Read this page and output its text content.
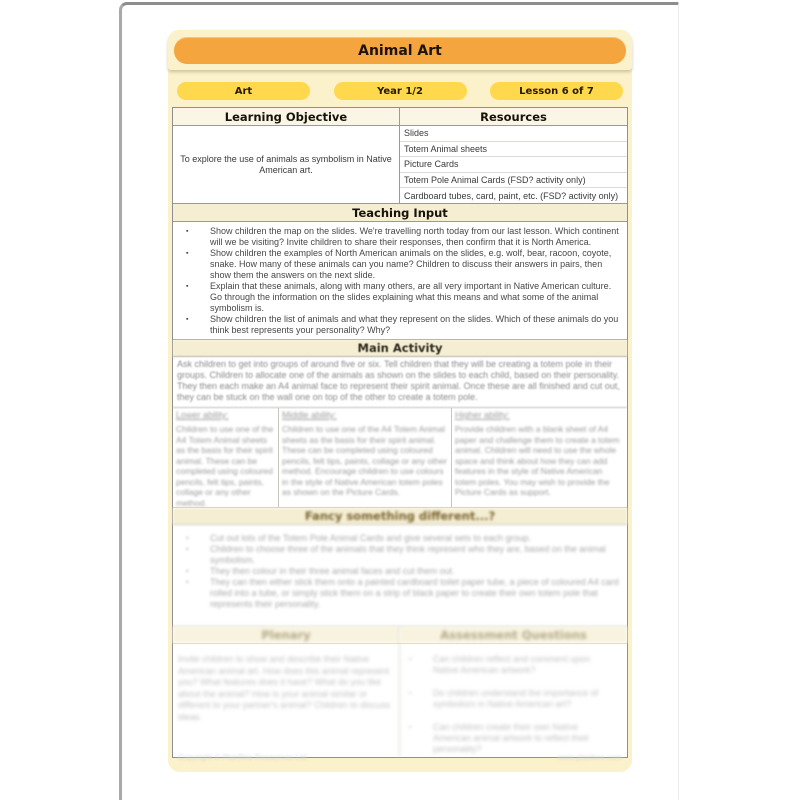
Animal Art
Art	Year 1/2	Lesson 6 of 7
Learning Objective	Resources
To explore the use of animals as symbolism in Native American art.
Slides
Totem Animal sheets
Picture Cards
Totem Pole Animal Cards (FSD? activity only)
Cardboard tubes, card, paint, etc. (FSD? activity only)
Teaching Input
▪	Show children the map on the slides. We're travelling north today from our last lesson. Which continent will we be visiting? Invite children to share their responses, then confirm that it is North America.
▪	Show children the examples of North American animals on the slides, e.g. wolf, bear, racoon, coyote, snake. How many of these animals can you name? Children to discuss their answers in pairs, then show them the answers on the next slide.
▪	Explain that these animals, along with many others, are all very important in Native American culture. Go through the information on the slides explaining what this means and what some of the animal symbolism is.
▪	Show children the list of animals and what they represent on the slides. Which of these animals do you think best represents your personality? Why?
Main Activity
Ask children to get into groups of around five or six. Tell children that they will be creating a totem pole in their groups. Children to allocate one of the animals as shown on the slides to each child, based on their personality. They then each make an A4 animal face to represent their spirit animal. Once these are all finished and cut out, they can be stuck on the wall one on top of the other to create a totem pole.
Lower ability:
Children to use one of the A4 Totem Animal sheets as the basis for their spirit animal. These can be completed using coloured pencils, felt tips, paints, collage or any other method.
Middle ability:
Children to use one of the A4 Totem Animal sheets as the basis for their spirit animal. These can be completed using coloured pencils, felt tips, paints, collage or any other method. Encourage children to use colours in the style of Native American totem poles as shown on the Picture Cards.
Higher ability:
Provide children with a blank sheet of A4 paper and challenge them to create a totem animal. Children will need to use the whole space and think about how they can add features in the style of Native American totem poles. You may wish to provide the Picture Cards as support.
Fancy something different...?
▪	Cut out lots of the Totem Pole Animal Cards and give several sets to each group.
▪	Children to choose three of the animals that they think represent who they are, based on the animal symbolism.
▪	They then colour in their three animal faces and cut them out.
▪	They can then either stick them onto a painted cardboard toilet paper tube, a piece of coloured A4 card rolled into a tube, or simply stick them on a strip of black paper to create their own totem pole that represents their personality.
Plenary	Assessment Questions
Invite children to show and describe their Native American animal art. How does this animal represent you? What features does it have? What do you like about the animal? How is your animal similar or different to your partner's animal? Children to discuss ideas.
▪	Can children reflect and comment upon Native American artwork?
▪	Do children understand the importance of symbolism in Native American art?
▪	Can children create their own Native American animal artwork to reflect their personality?
Copyright © PlanBee Resources Ltd	www.planbee.com
